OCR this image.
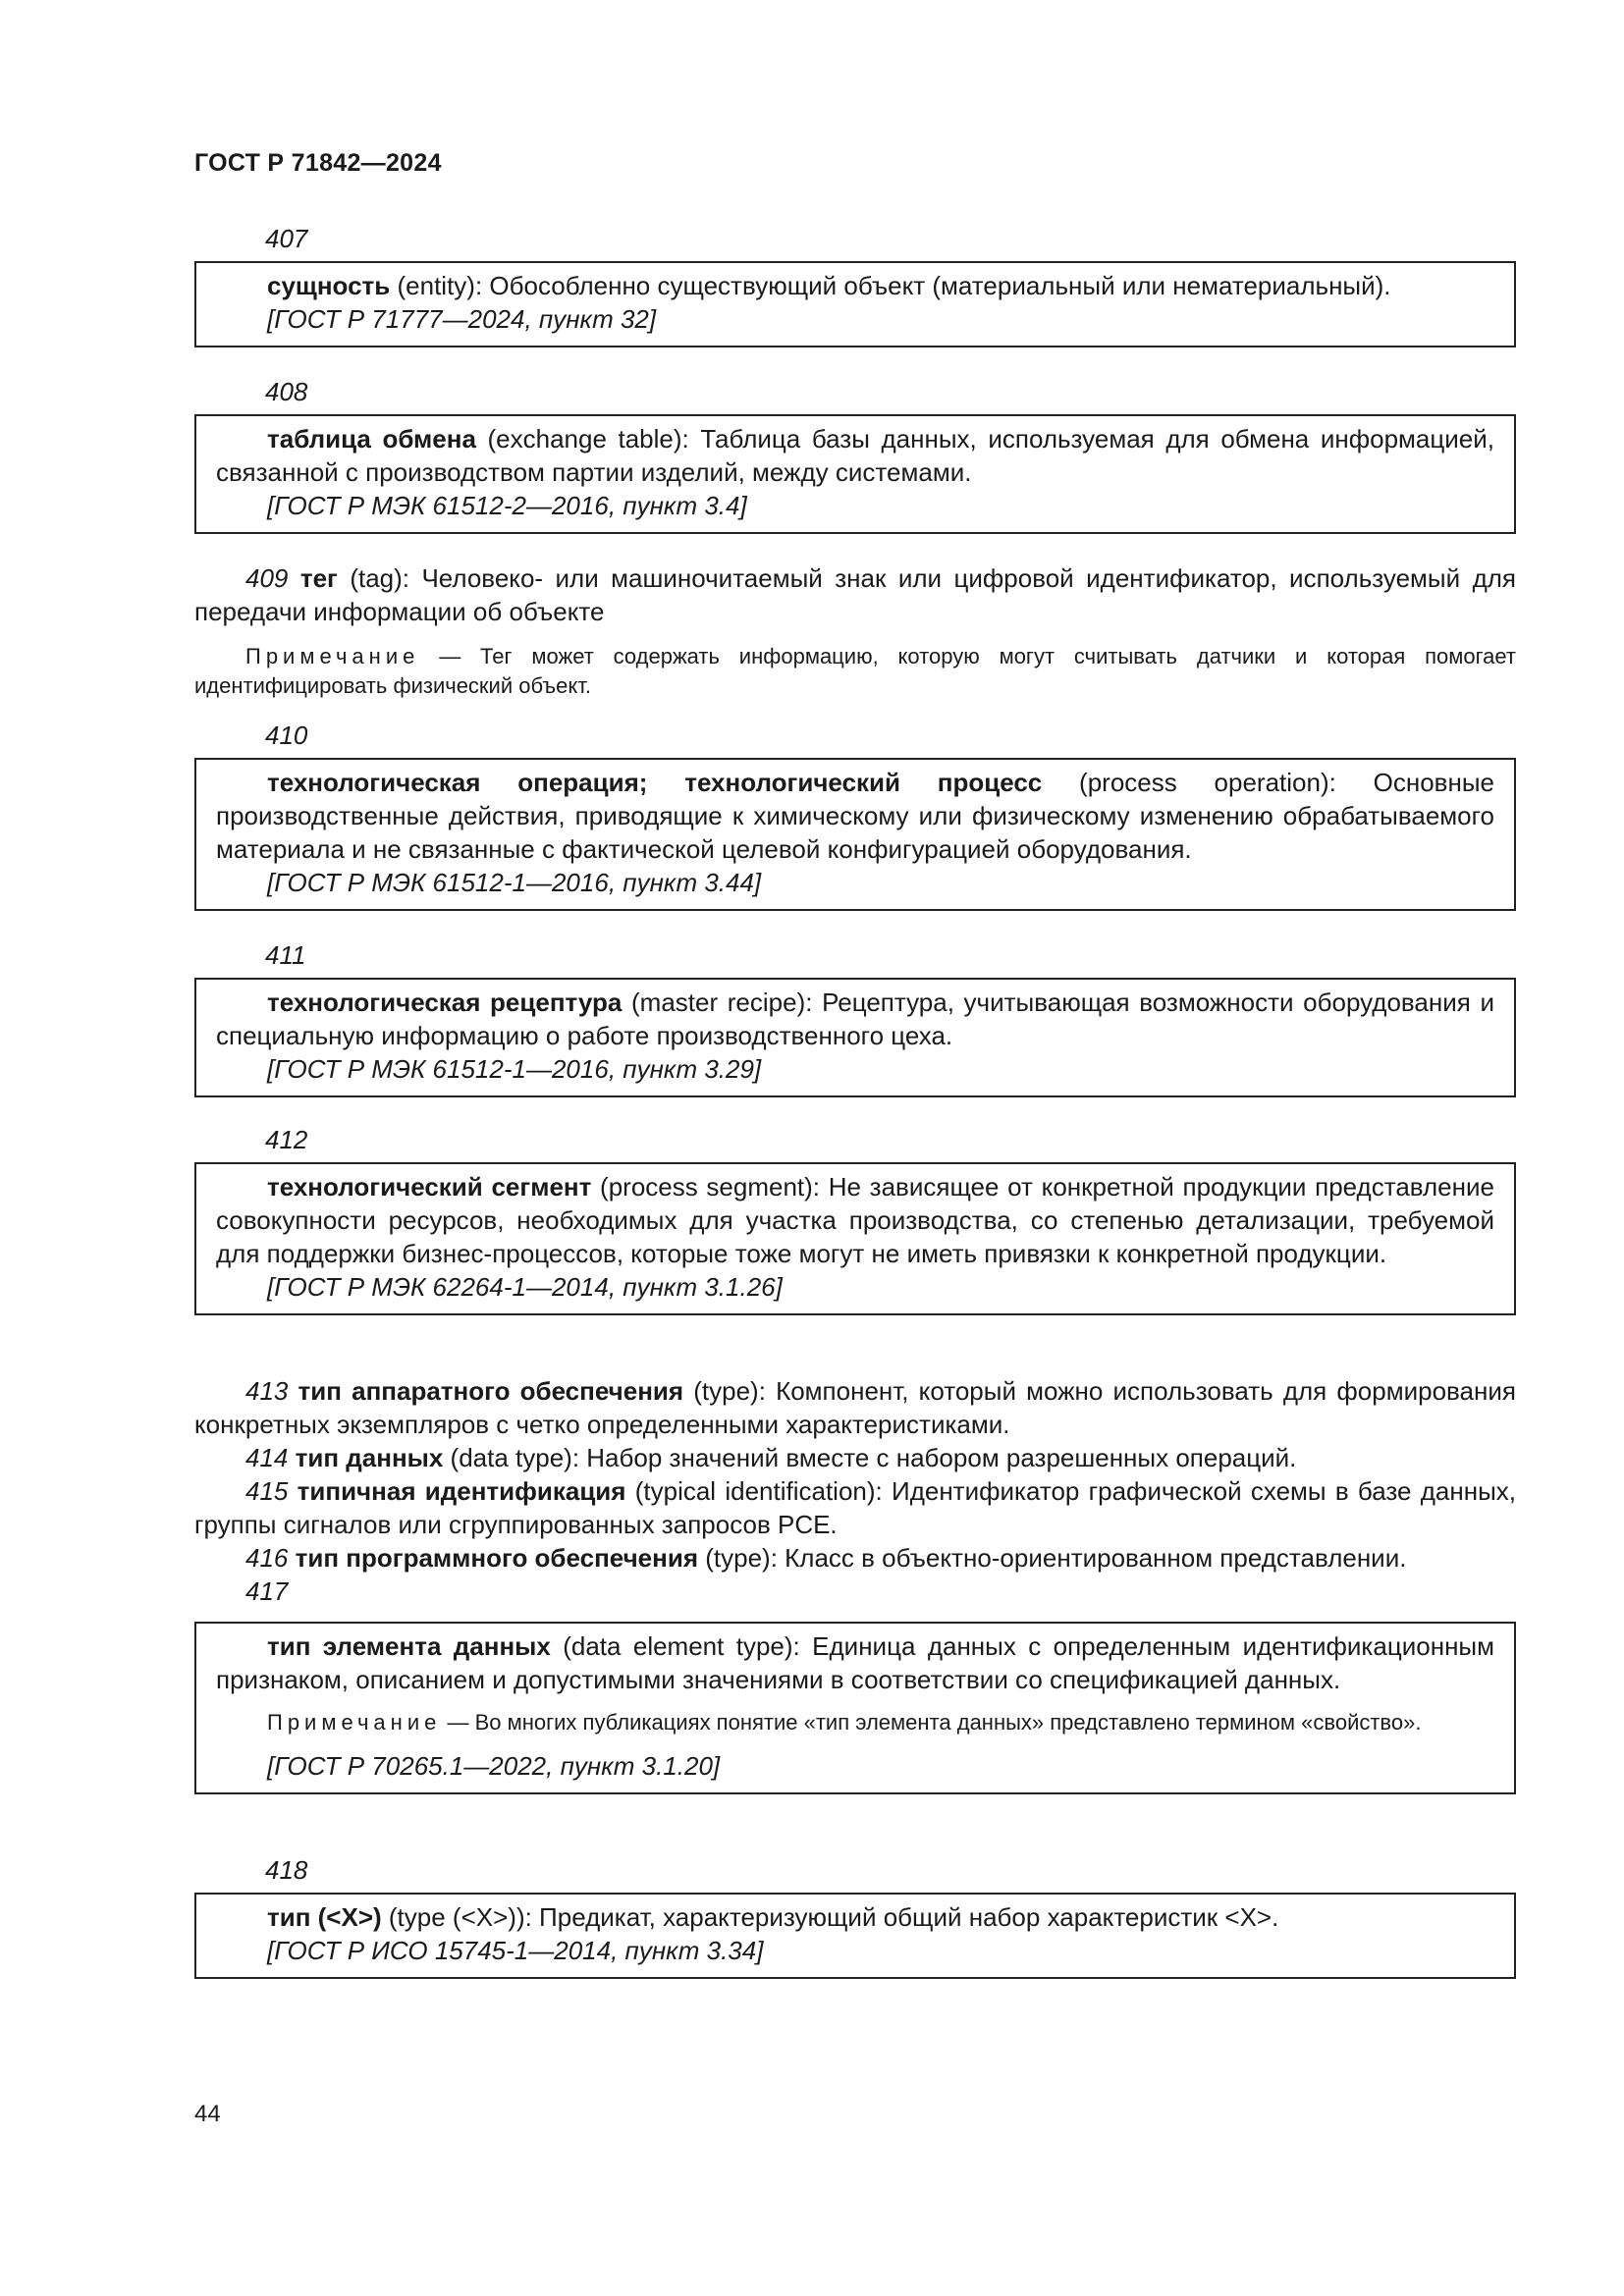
ГОСТ Р 71842—2024
407

сущность (entity): Обособленно существующий объект (материальный или нематериальный).

[ГОСТ Р 71777—2024, пункт 32]

408

таблица обмена (exchange table): Таблица базы данных, используемая для обмена информацией, связанной с производством партии изделий, между системами.

[ГОСТ Р МЭК 61512-2—2016, пункт 3.4]

409 тег (tag): Человеко- или машиночитаемый знак или цифровой идентификатор, используемый для передачи информации об объекте

Примечание — Тег может содержать информацию, которую могут считывать датчики и которая помогает идентифицировать физический объект.

410

технологическая операция; технологический процесс (process operation): Основные производственные действия, приводящие к химическому или физическому изменению обрабатываемого материала и не связанные с фактической целевой конфигурацией оборудования.

[ГОСТ Р МЭК 61512-1—2016, пункт 3.44]

411

технологическая рецептура (master recipe): Рецептура, учитывающая возможности оборудования и специальную информацию о работе производственного цеха.

[ГОСТ Р МЭК 61512-1—2016, пункт 3.29]

412

технологический сегмент (process segment): Не зависящее от конкретной продукции представление совокупности ресурсов, необходимых для участка производства, со степенью детализации, требуемой для поддержки бизнес-процессов, которые тоже могут не иметь привязки к конкретной продукции.

[ГОСТ Р МЭК 62264-1—2014, пункт 3.1.26]

413 тип аппаратного обеспечения (type): Компонент, который можно использовать для формирования конкретных экземпляров с четко определенными характеристиками.

414 тип данных (data type): Набор значений вместе с набором разрешенных операций.

415 типичная идентификация (typical identification): Идентификатор графической схемы в базе данных, группы сигналов или сгруппированных запросов PCE.

416 тип программного обеспечения (type): Класс в объектно-ориентированном представлении.

417

тип элемента данных (data element type): Единица данных с определенным идентификационным признаком, описанием и допустимыми значениями в соответствии со спецификацией данных.

Примечание — Во многих публикациях понятие «тип элемента данных» представлено термином «свойство».

[ГОСТ Р 70265.1—2022, пункт 3.1.20]

418

тип (<X>) (type (<X>)): Предикат, характеризующий общий набор характеристик <X>.

[ГОСТ Р ИСО 15745-1—2014, пункт 3.34]

44
